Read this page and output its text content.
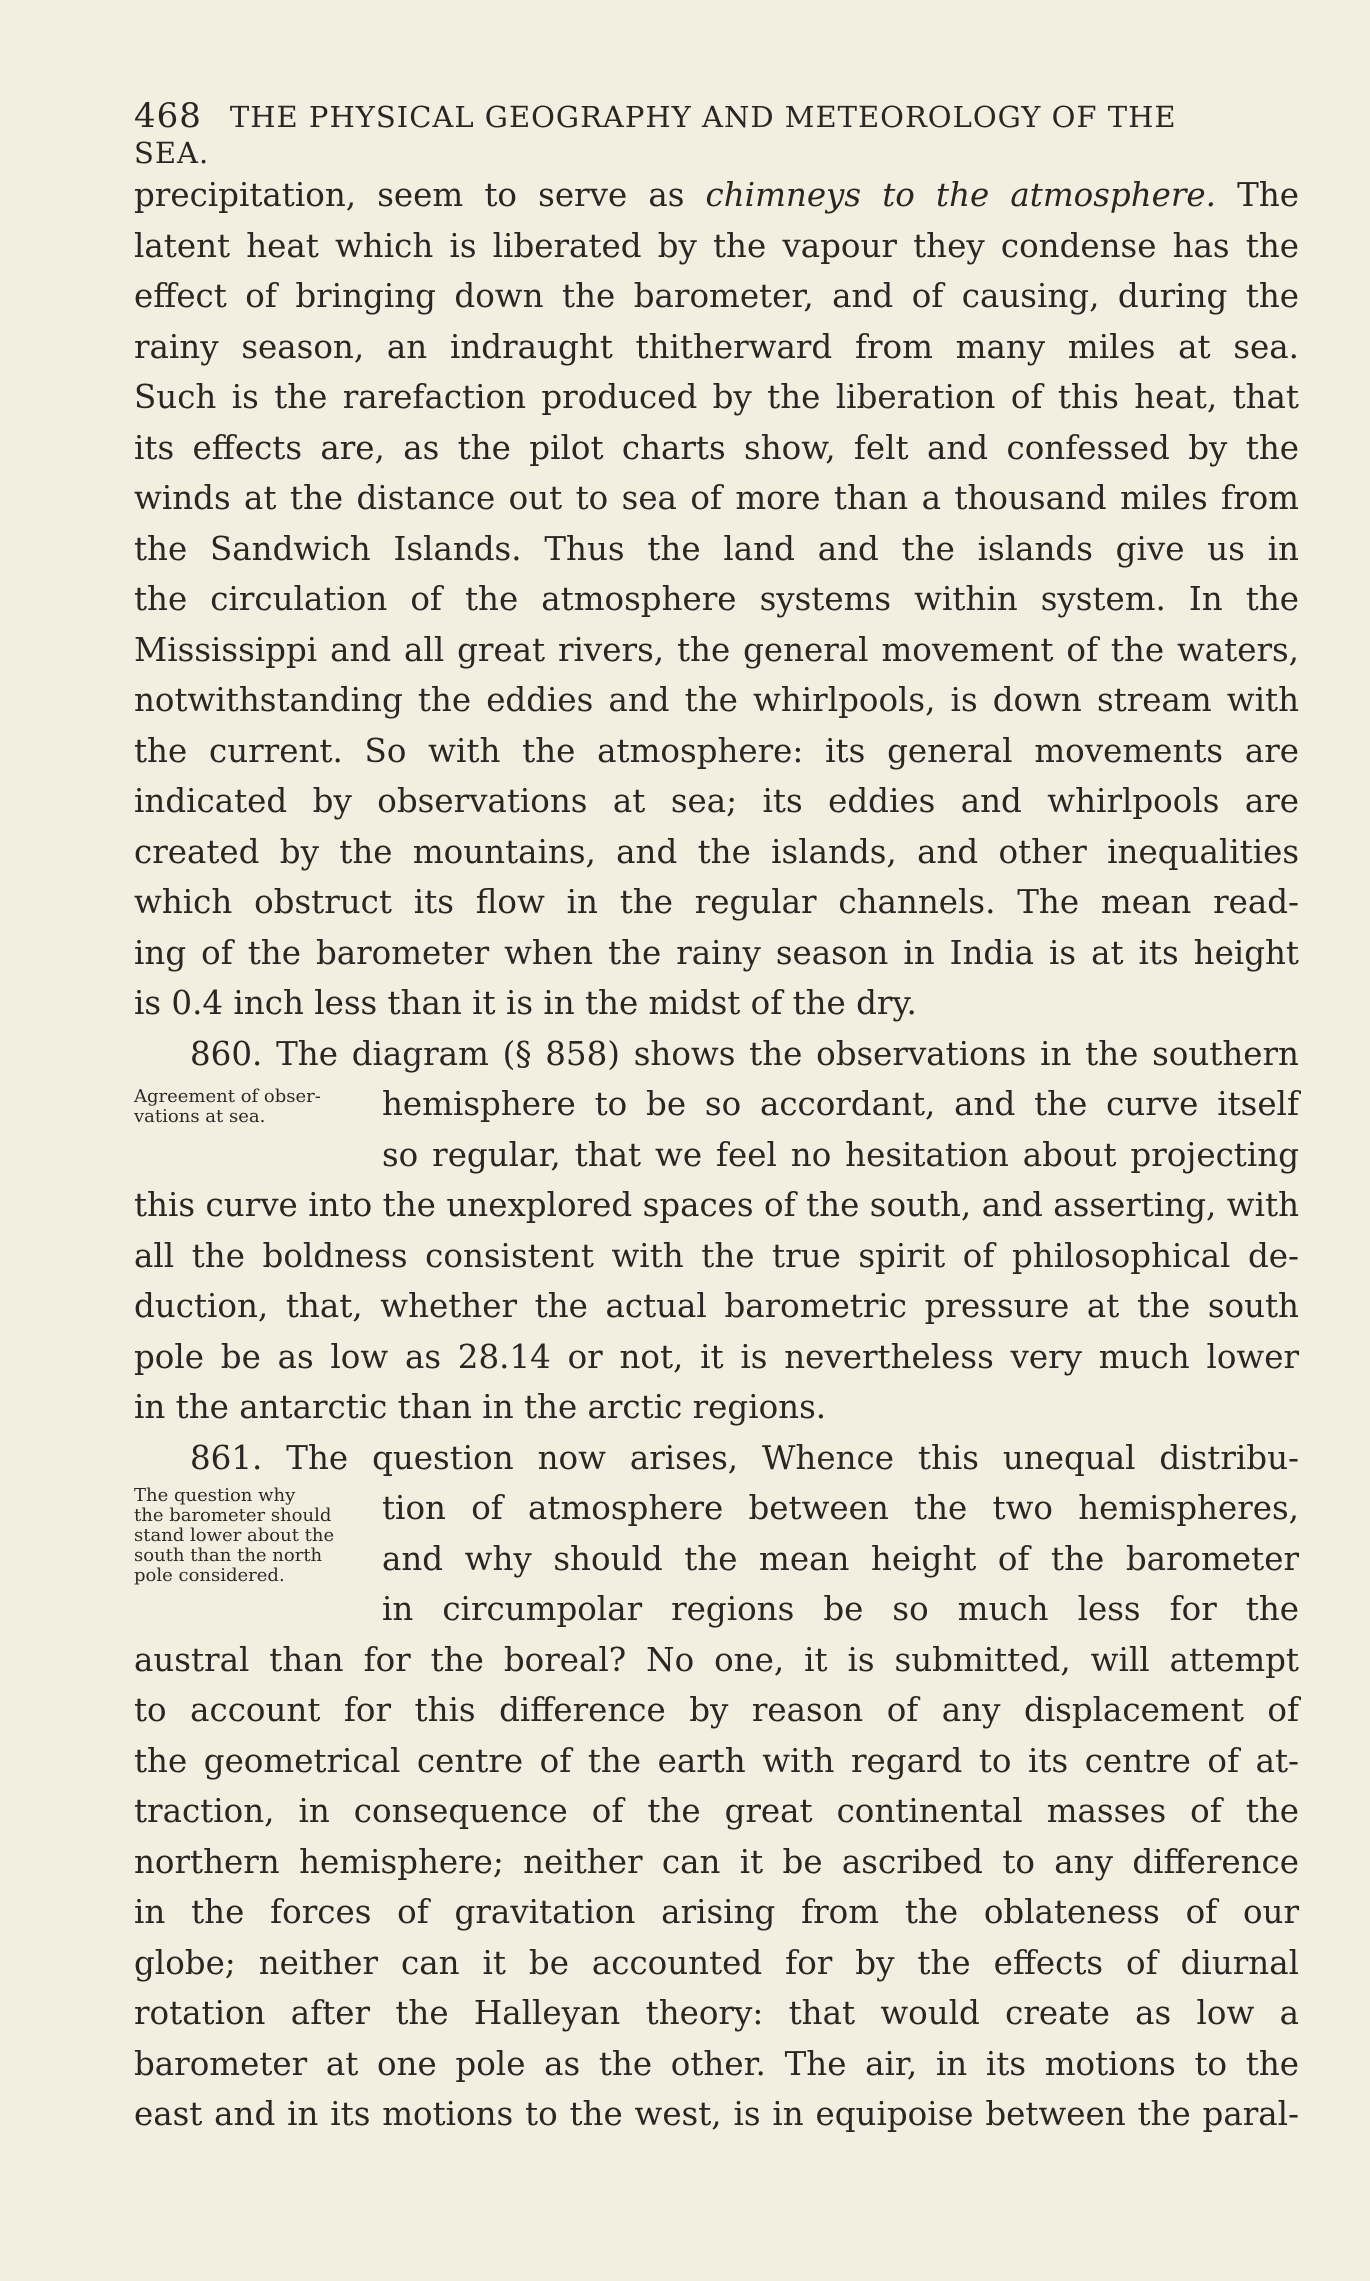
468 THE PHYSICAL GEOGRAPHY AND METEOROLOGY OF THE SEA.
precipitation, seem to serve as chimneys to the atmosphere. The
latent heat which is liberated by the vapour they condense has the
effect of bringing down the barometer, and of causing, during the
rainy season, an indraught thitherward from many miles at sea.
Such is the rarefaction produced by the liberation of this heat, that
its effects are, as the pilot charts show, felt and confessed by the
winds at the distance out to sea of more than a thousand miles from
the Sandwich Islands. Thus the land and the islands give us in
the circulation of the atmosphere systems within system. In the
Mississippi and all great rivers, the general movement of the waters,
notwithstanding the eddies and the whirlpools, is down stream with
the current. So with the atmosphere: its general movements are
indicated by observations at sea; its eddies and whirlpools are
created by the mountains, and the islands, and other inequalities
which obstruct its flow in the regular channels. The mean read-
ing of the barometer when the rainy season in India is at its height
is 0.4 inch less than it is in the midst of the dry.
860. The diagram (§ 858) shows the observations in the southern
hemisphere to be so accordant, and the curve itself
so regular, that we feel no hesitation about projecting
this curve into the unexplored spaces of the south, and asserting, with
all the boldness consistent with the true spirit of philosophical de-
duction, that, whether the actual barometric pressure at the south
pole be as low as 28.14 or not, it is nevertheless very much lower
in the antarctic than in the arctic regions.
861. The question now arises, Whence this unequal distribu-
tion of atmosphere between the two hemispheres,
and why should the mean height of the barometer
in circumpolar regions be so much less for the
austral than for the boreal? No one, it is submitted, will attempt
to account for this difference by reason of any displacement of
the geometrical centre of the earth with regard to its centre of at-
traction, in consequence of the great continental masses of the
northern hemisphere; neither can it be ascribed to any difference
in the forces of gravitation arising from the oblateness of our
globe; neither can it be accounted for by the effects of diurnal
rotation after the Halleyan theory: that would create as low a
barometer at one pole as the other. The air, in its motions to the
east and in its motions to the west, is in equipoise between the paral-
Agreement of obser-
vations at sea.
The question why
the barometer should
stand lower about the
south than the north
pole considered.
